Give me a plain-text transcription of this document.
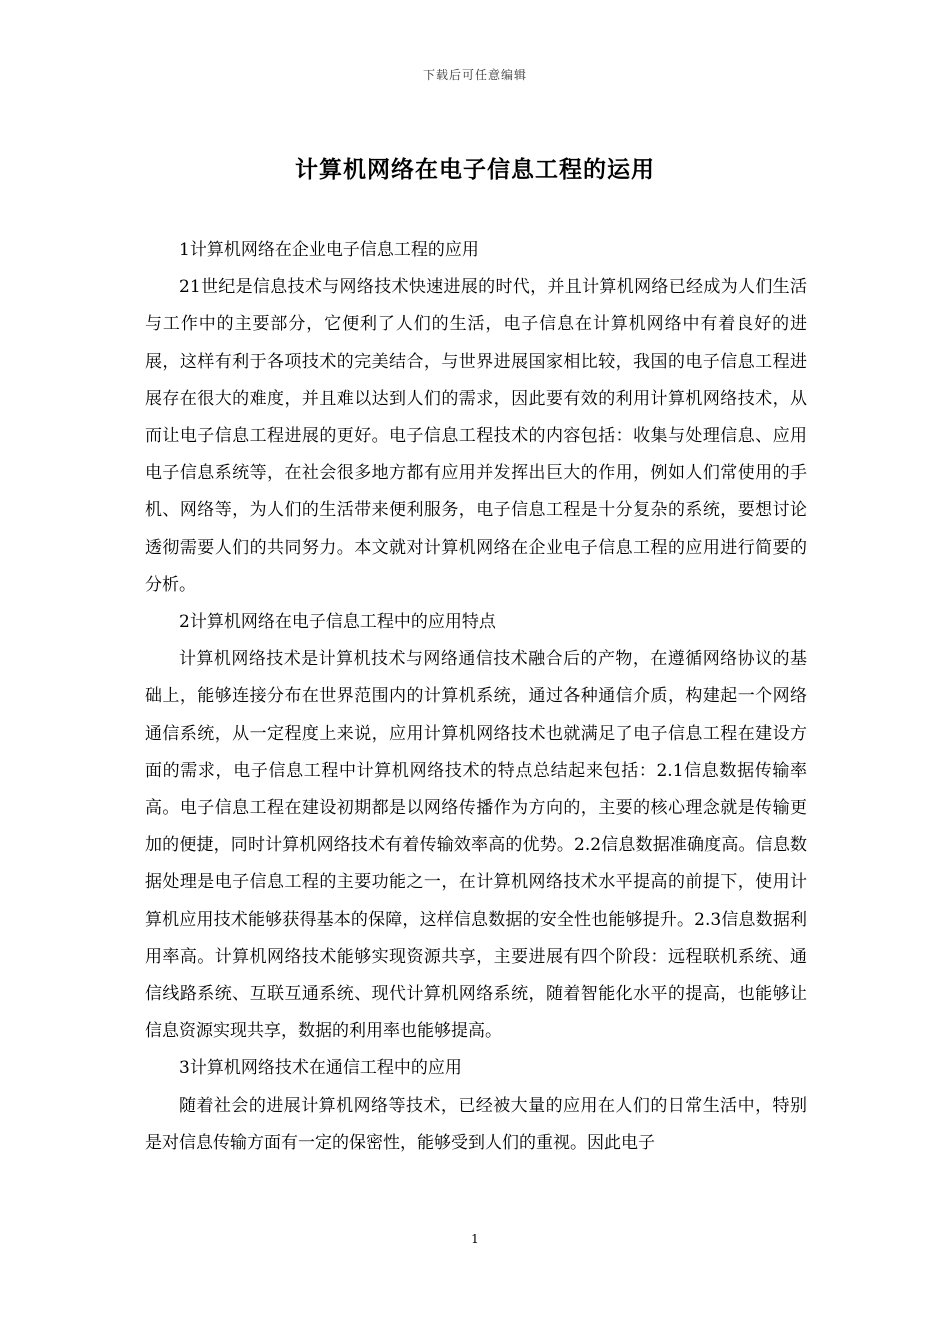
下载后可任意编辑
计算机网络在电子信息工程的运用

1计算机网络在企业电子信息工程的应用

21世纪是信息技术与网络技术快速进展的时代，并且计算机网络已经成为人们生活与工作中的主要部分，它便利了人们的生活，电子信息在计算机网络中有着良好的进展，这样有利于各项技术的完美结合，与世界进展国家相比较，我国的电子信息工程进展存在很大的难度，并且难以达到人们的需求，因此要有效的利用计算机网络技术，从而让电子信息工程进展的更好。电子信息工程技术的内容包括：收集与处理信息、应用电子信息系统等，在社会很多地方都有应用并发挥出巨大的作用，例如人们常使用的手机、网络等，为人们的生活带来便利服务，电子信息工程是十分复杂的系统，要想讨论透彻需要人们的共同努力。本文就对计算机网络在企业电子信息工程的应用进行简要的分析。

2计算机网络在电子信息工程中的应用特点

计算机网络技术是计算机技术与网络通信技术融合后的产物，在遵循网络协议的基础上，能够连接分布在世界范围内的计算机系统，通过各种通信介质，构建起一个网络通信系统，从一定程度上来说，应用计算机网络技术也就满足了电子信息工程在建设方面的需求，电子信息工程中计算机网络技术的特点总结起来包括：2.1信息数据传输率高。电子信息工程在建设初期都是以网络传播作为方向的，主要的核心理念就是传输更加的便捷，同时计算机网络技术有着传输效率高的优势。2.2信息数据准确度高。信息数据处理是电子信息工程的主要功能之一，在计算机网络技术水平提高的前提下，使用计算机应用技术能够获得基本的保障，这样信息数据的安全性也能够提升。2.3信息数据利用率高。计算机网络技术能够实现资源共享，主要进展有四个阶段：远程联机系统、通信线路系统、互联互通系统、现代计算机网络系统，随着智能化水平的提高，也能够让信息资源实现共享，数据的利用率也能够提高。

3计算机网络技术在通信工程中的应用

随着社会的进展计算机网络等技术，已经被大量的应用在人们的日常生活中，特别是对信息传输方面有一定的保密性，能够受到人们的重视。因此电子

1
